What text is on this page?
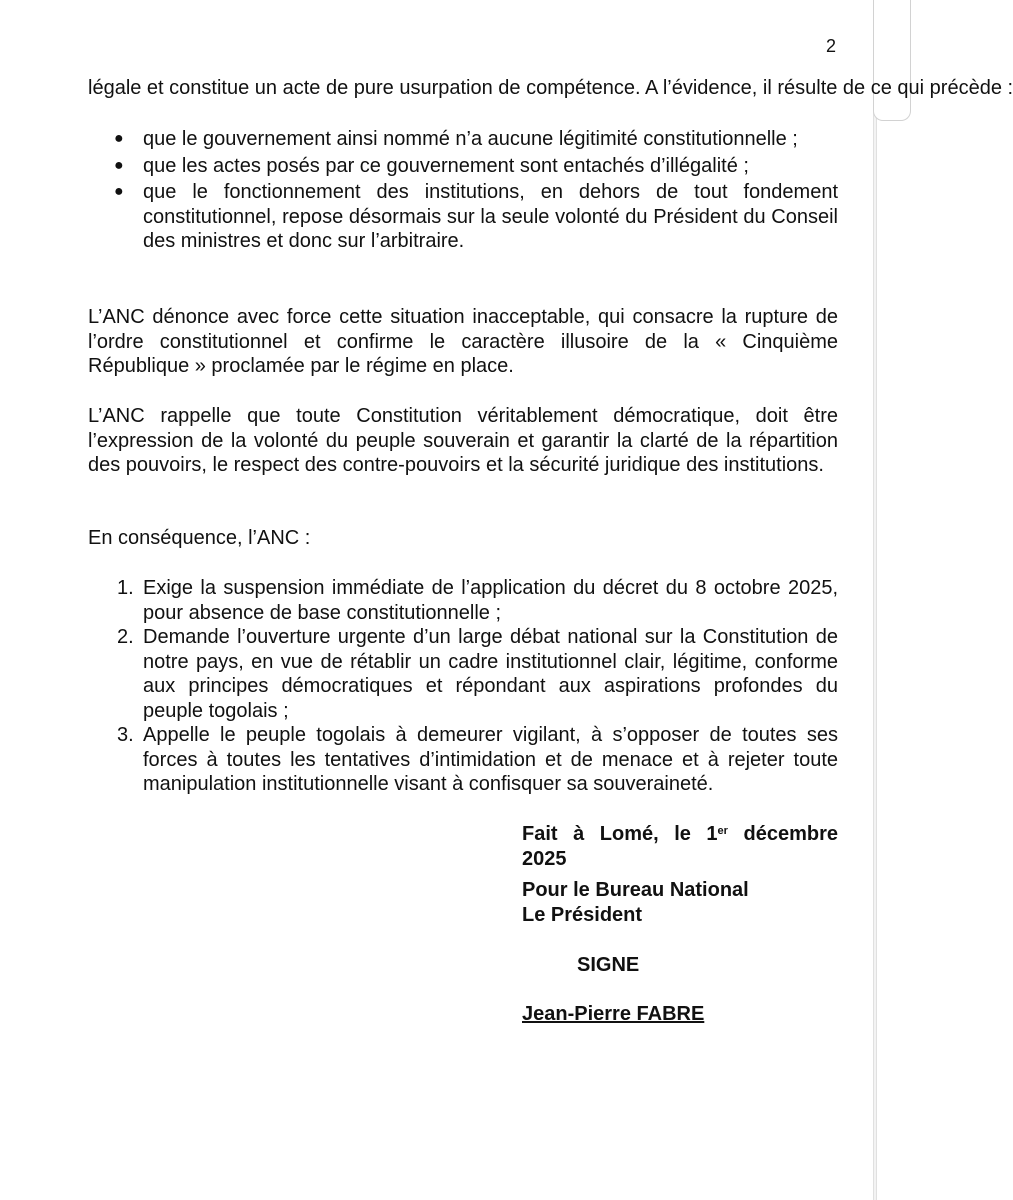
2
légale et constitue un acte de pure usurpation de compétence. A l’évidence, il résulte de ce qui précède :
● que le gouvernement ainsi nommé n’a aucune légitimité constitutionnelle ;
● que les actes posés par ce gouvernement sont entachés d’illégalité ;
● que le fonctionnement des institutions, en dehors de tout fondement constitutionnel, repose désormais sur la seule volonté du Président du Conseil des ministres et donc sur l’arbitraire.

L’ANC dénonce avec force cette situation inacceptable, qui consacre la rupture de l’ordre constitutionnel et confirme le caractère illusoire de la « Cinquième République » proclamée par le régime en place.

L’ANC rappelle que toute Constitution véritablement démocratique, doit être l’expression de la volonté du peuple souverain et garantir la clarté de la répartition des pouvoirs, le respect des contre-pouvoirs et la sécurité juridique des institutions.

En conséquence, l’ANC :

1. Exige la suspension immédiate de l’application du décret du 8 octobre 2025, pour absence de base constitutionnelle ;
2. Demande l’ouverture urgente d’un large débat national sur la Constitution de notre pays, en vue de rétablir un cadre institutionnel clair, légitime, conforme aux principes démocratiques et répondant aux aspirations profondes du peuple togolais ;
3. Appelle le peuple togolais à demeurer vigilant, à s’opposer de toutes ses forces à toutes les tentatives d’intimidation et de menace et à rejeter toute manipulation institutionnelle visant à confisquer sa souveraineté.

Fait à Lomé, le 1er décembre 2025

Pour le Bureau National

Le Président

SIGNE

Jean-Pierre FABRE
